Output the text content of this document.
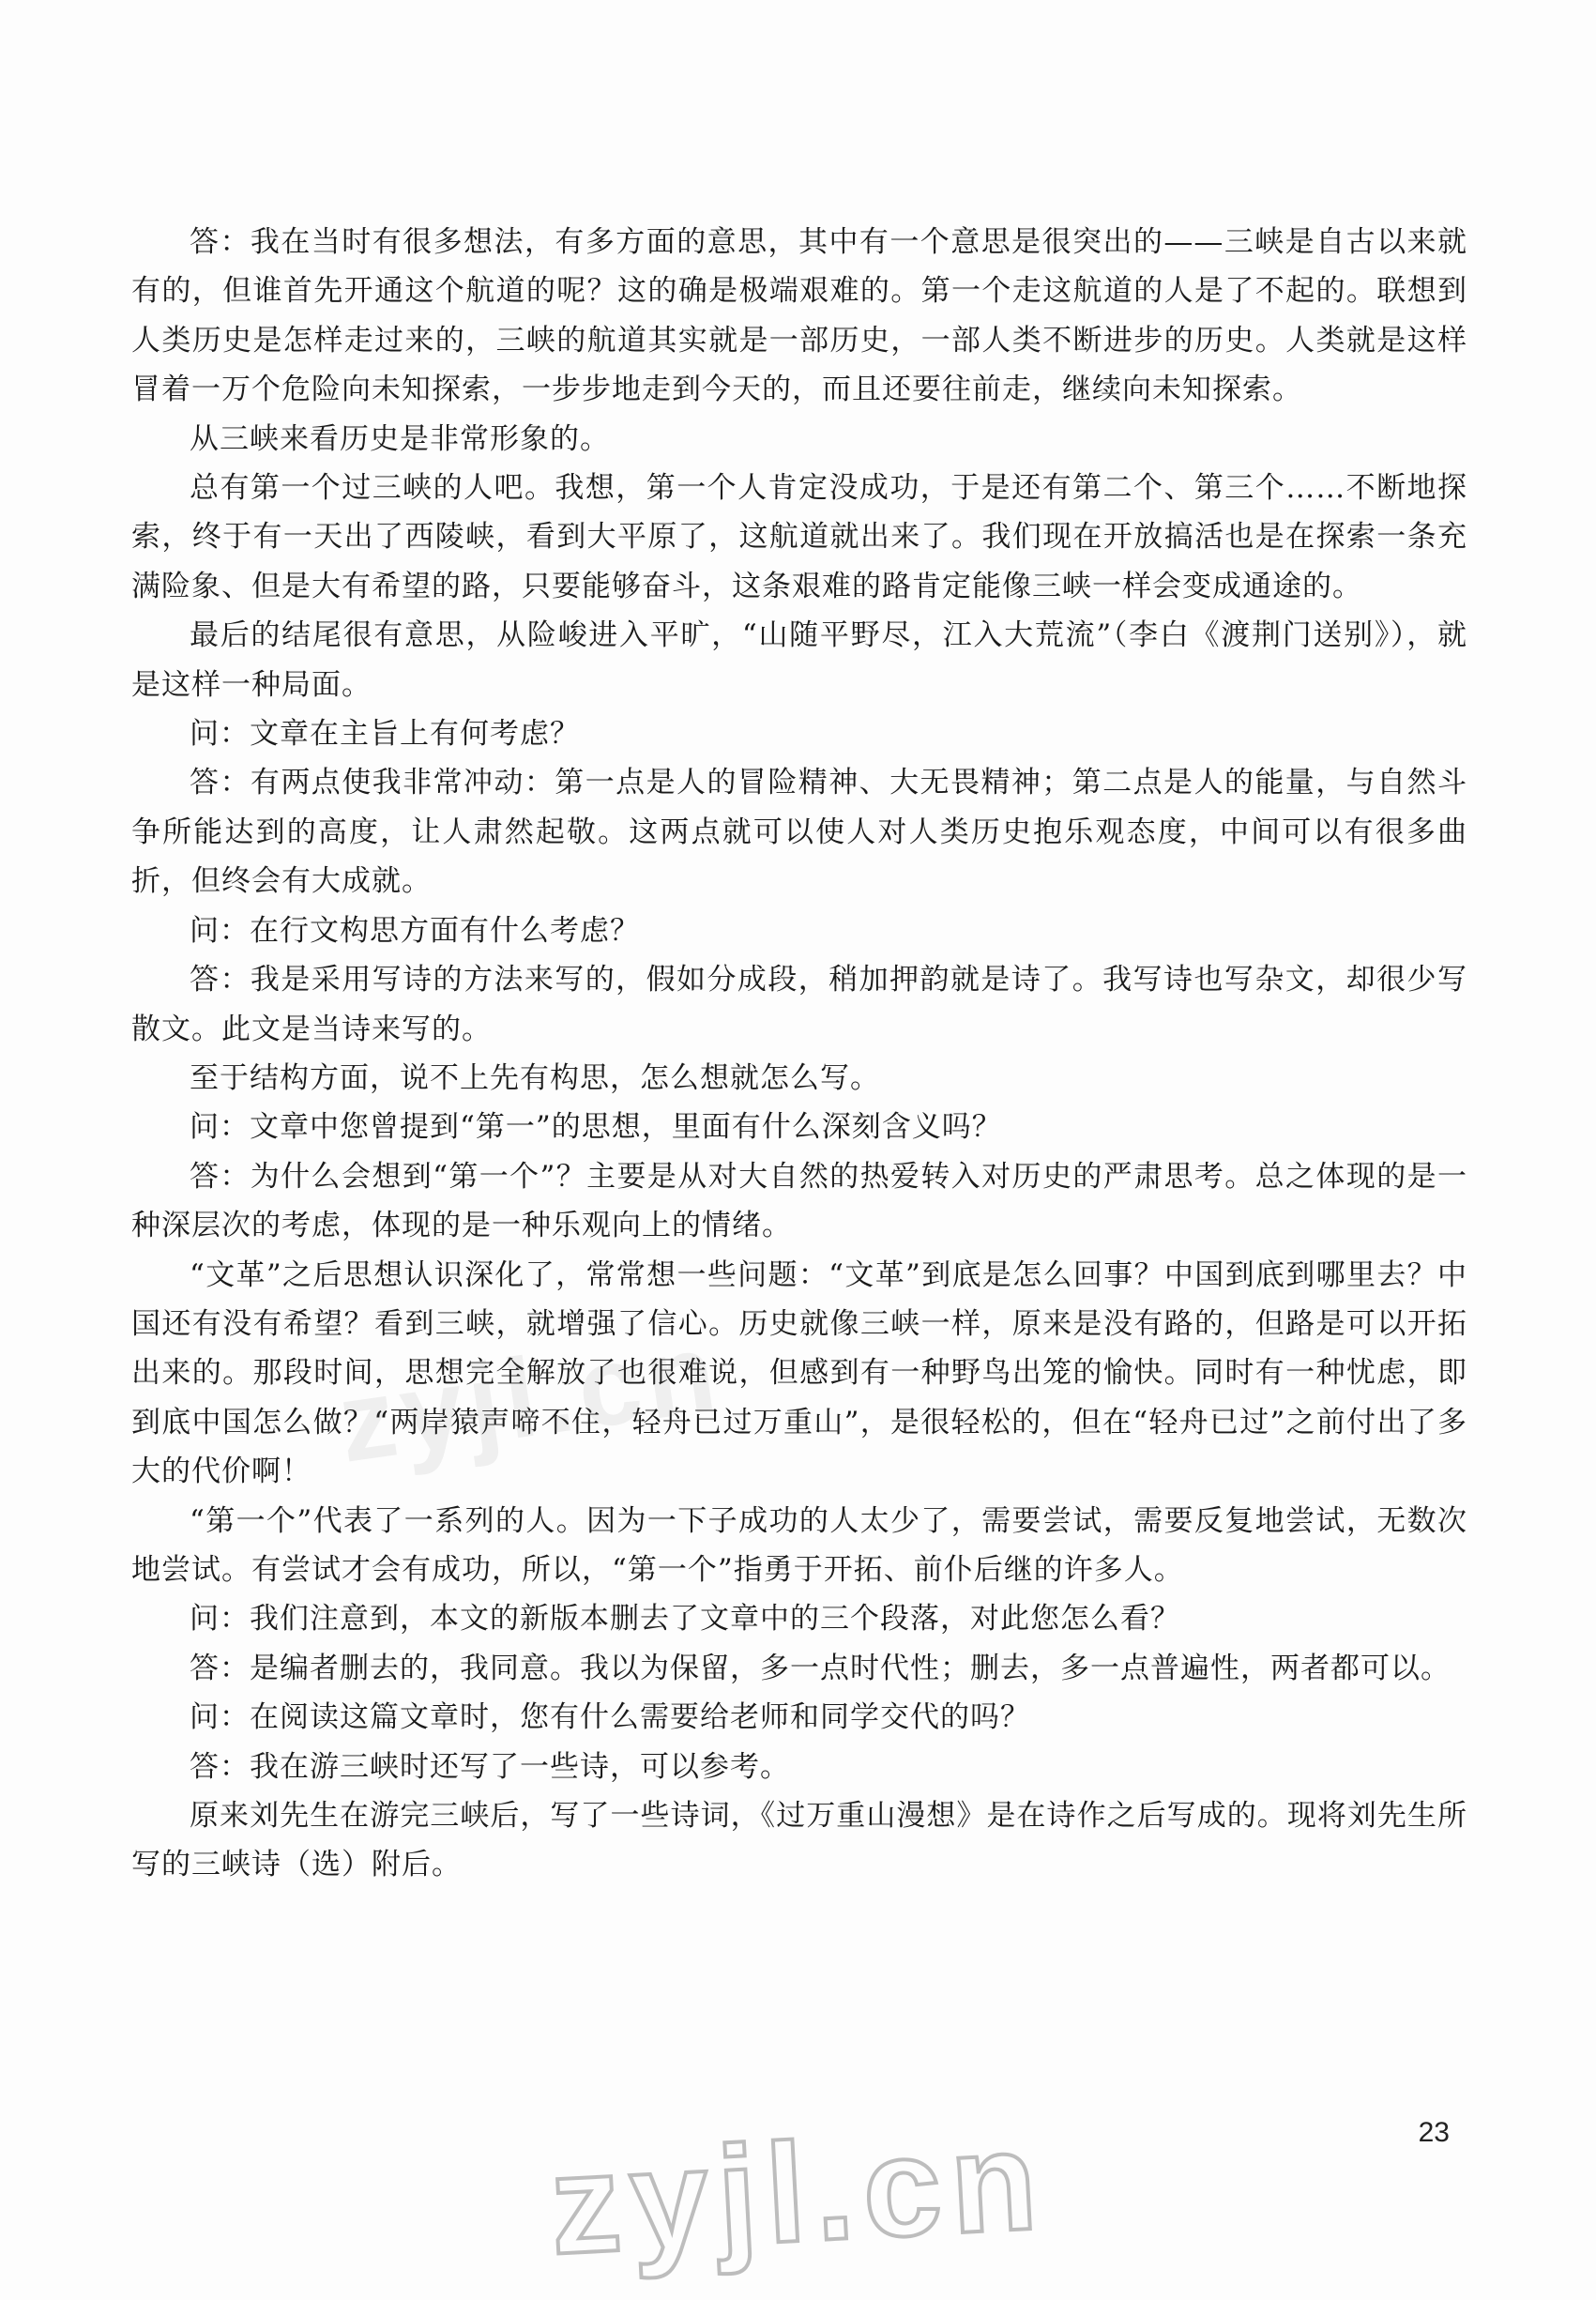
答：我在当时有很多想法，有多方面的意思，其中有一个意思是很突出的——三峡是自古以来就有的，但谁首先开通这个航道的呢？这的确是极端艰难的。第一个走这航道的人是了不起的。联想到人类历史是怎样走过来的，三峡的航道其实就是一部历史，一部人类不断进步的历史。人类就是这样冒着一万个危险向未知探索，一步步地走到今天的，而且还要往前走，继续向未知探索。

从三峡来看历史是非常形象的。

总有第一个过三峡的人吧。我想，第一个人肯定没成功，于是还有第二个、第三个……不断地探索，终于有一天出了西陵峡，看到大平原了，这航道就出来了。我们现在开放搞活也是在探索一条充满险象、但是大有希望的路，只要能够奋斗，这条艰难的路肯定能像三峡一样会变成通途的。

最后的结尾很有意思，从险峻进入平旷，“山随平野尽，江入大荒流”（李白《渡荆门送别》），就是这样一种局面。

问：文章在主旨上有何考虑？

答：有两点使我非常冲动：第一点是人的冒险精神、大无畏精神；第二点是人的能量，与自然斗争所能达到的高度，让人肃然起敬。这两点就可以使人对人类历史抱乐观态度，中间可以有很多曲折，但终会有大成就。

问：在行文构思方面有什么考虑？

答：我是采用写诗的方法来写的，假如分成段，稍加押韵就是诗了。我写诗也写杂文，却很少写散文。此文是当诗来写的。

至于结构方面，说不上先有构思，怎么想就怎么写。

问：文章中您曾提到“第一”的思想，里面有什么深刻含义吗？

答：为什么会想到“第一个”？主要是从对大自然的热爱转入对历史的严肃思考。总之体现的是一种深层次的考虑，体现的是一种乐观向上的情绪。

“文革”之后思想认识深化了，常常想一些问题：“文革”到底是怎么回事？中国到底到哪里去？中国还有没有希望？看到三峡，就增强了信心。历史就像三峡一样，原来是没有路的，但路是可以开拓出来的。那段时间，思想完全解放了也很难说，但感到有一种野鸟出笼的愉快。同时有一种忧虑，即到底中国怎么做？“两岸猿声啼不住，轻舟已过万重山”，是很轻松的，但在“轻舟已过”之前付出了多大的代价啊！

“第一个”代表了一系列的人。因为一下子成功的人太少了，需要尝试，需要反复地尝试，无数次地尝试。有尝试才会有成功，所以，“第一个”指勇于开拓、前仆后继的许多人。

问：我们注意到，本文的新版本删去了文章中的三个段落，对此您怎么看？

答：是编者删去的，我同意。我以为保留，多一点时代性；删去，多一点普遍性，两者都可以。

问：在阅读这篇文章时，您有什么需要给老师和同学交代的吗？

答：我在游三峡时还写了一些诗，可以参考。

原来刘先生在游完三峡后，写了一些诗词，《过万重山漫想》是在诗作之后写成的。现将刘先生所写的三峡诗（选）附后。

zyjl.cn
23
zyjl.cn
